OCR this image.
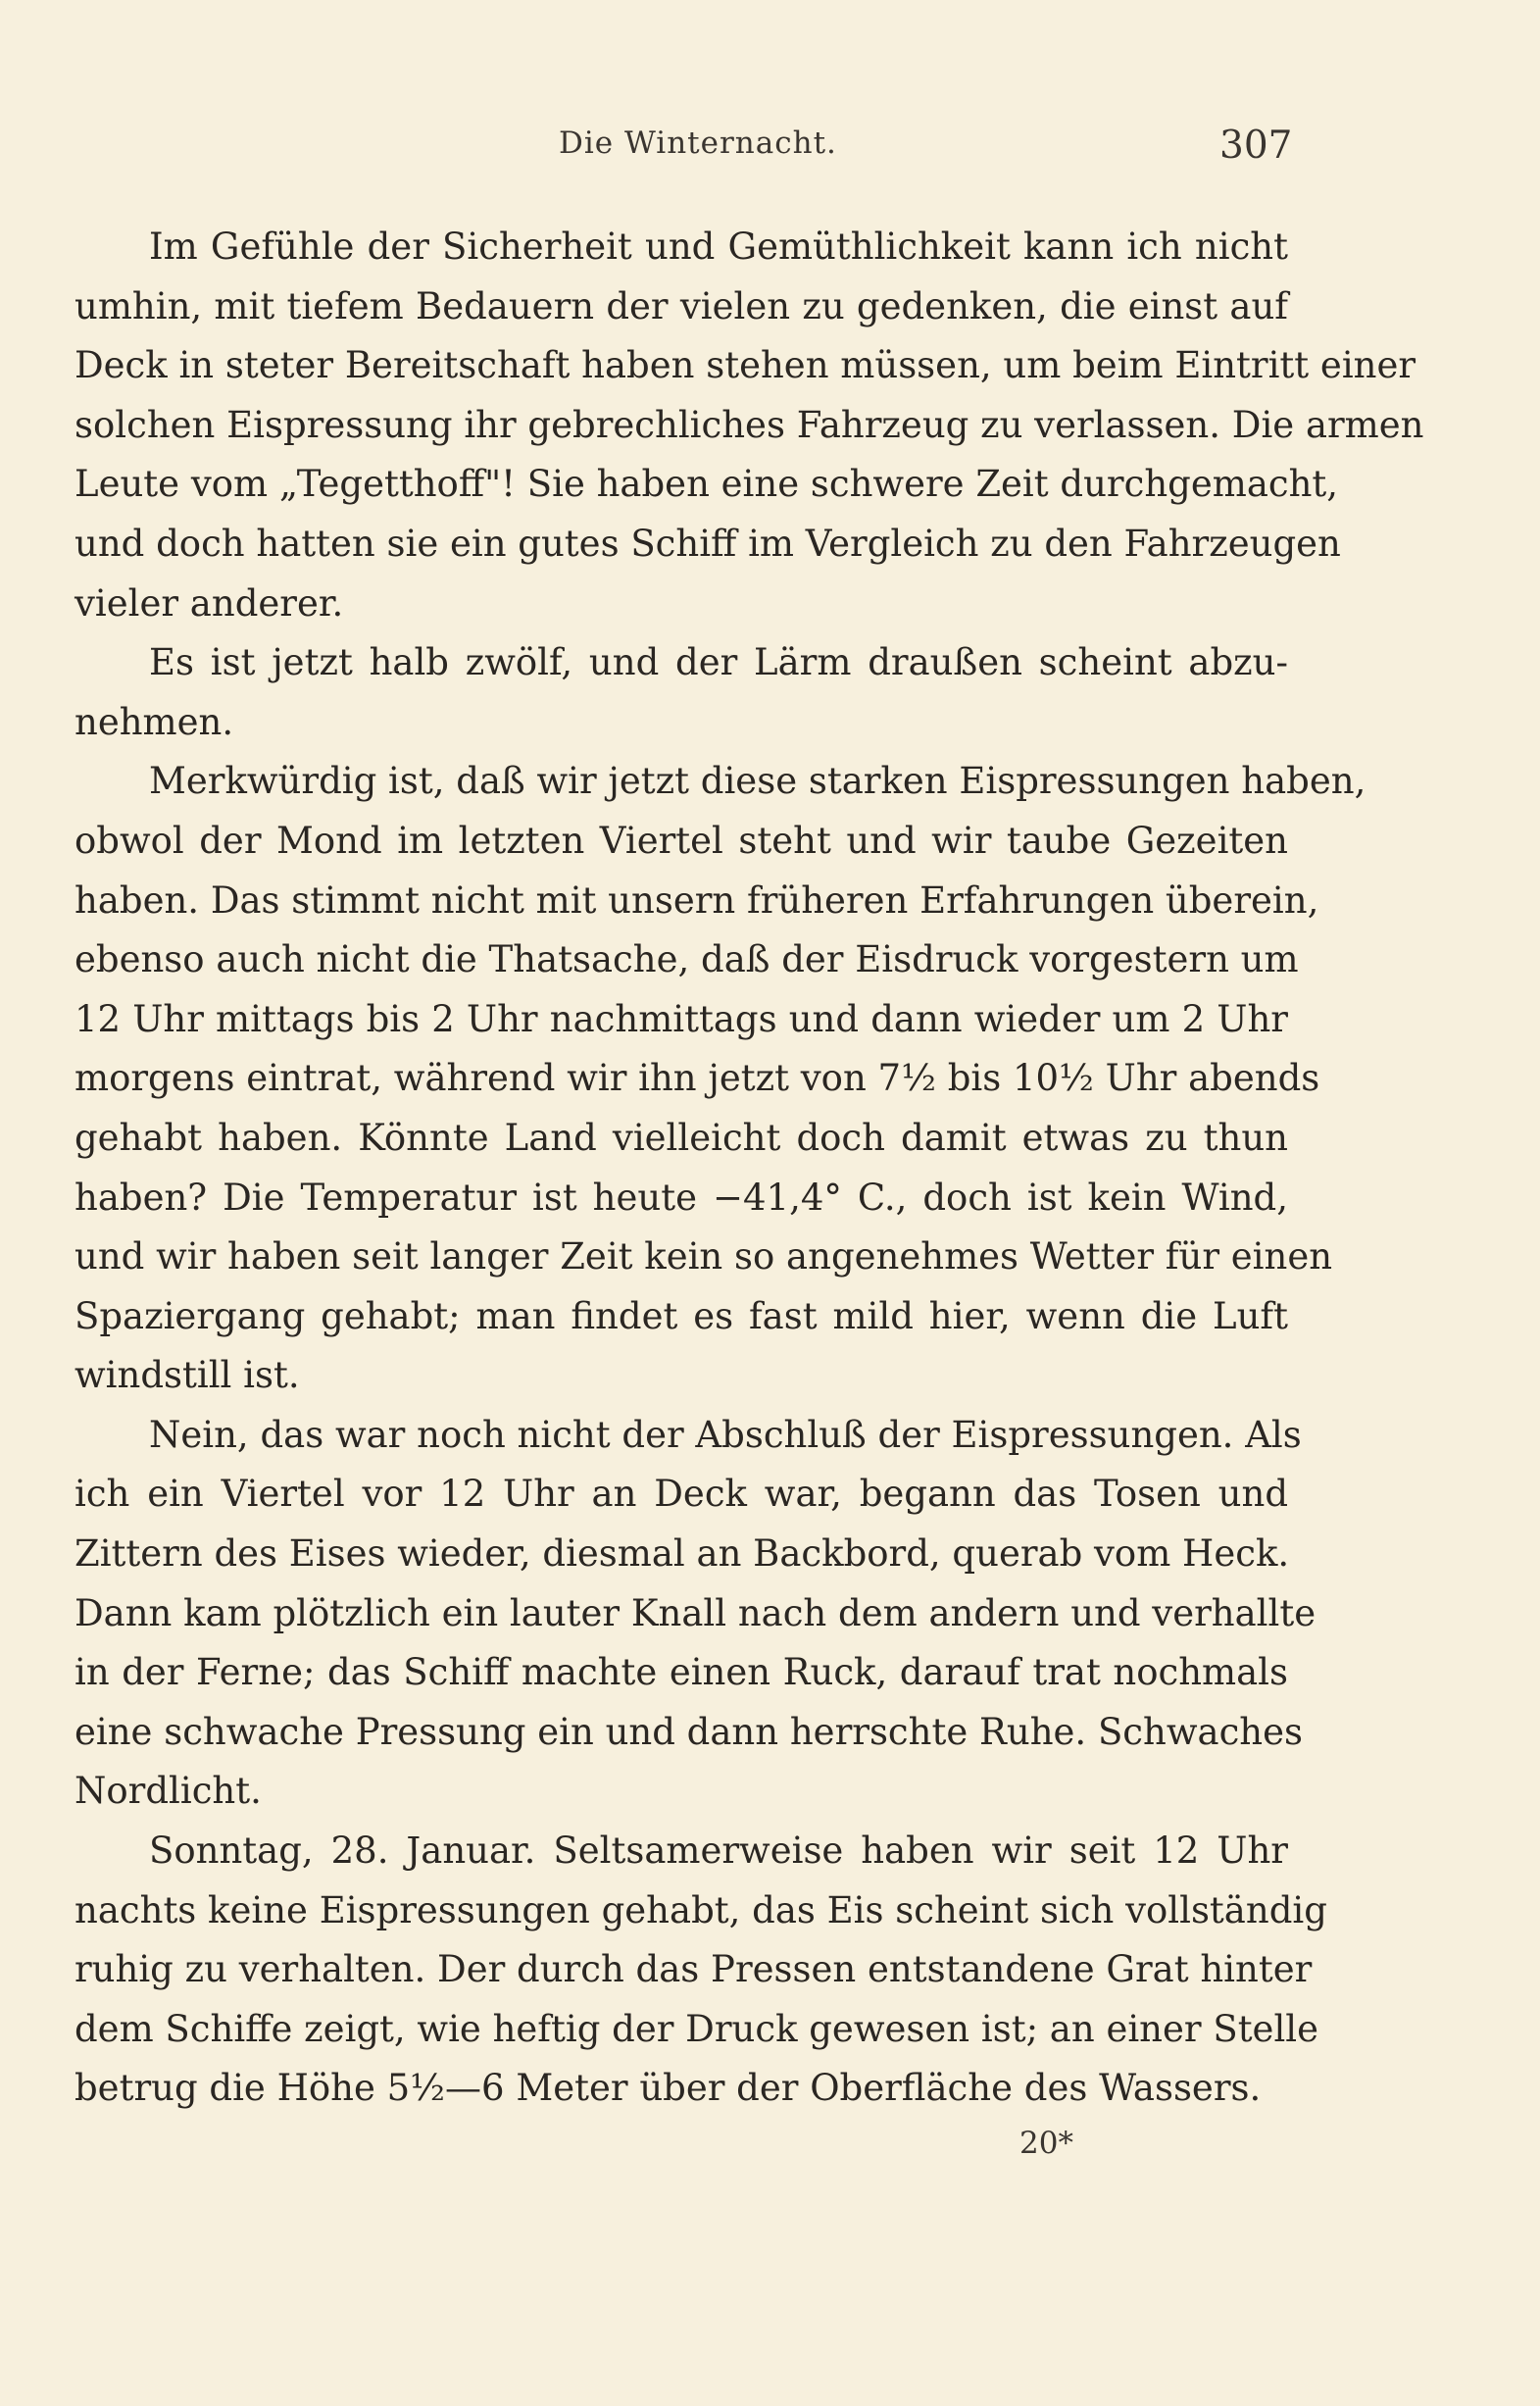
Die Winternacht.	307
Im Gefühle der Sicherheit und Gemüthlichkeit kann ich nicht
umhin, mit tiefem Bedauern der vielen zu gedenken, die einst auf
Deck in steter Bereitschaft haben stehen müssen, um beim Eintritt einer
solchen Eispressung ihr gebrechliches Fahrzeug zu verlassen. Die armen
Leute vom „Tegetthoff"! Sie haben eine schwere Zeit durchgemacht,
und doch hatten sie ein gutes Schiff im Vergleich zu den Fahrzeugen
vieler anderer.
Es ist jetzt halb zwölf, und der Lärm draußen scheint abzu-
nehmen.
Merkwürdig ist, daß wir jetzt diese starken Eispressungen haben,
obwol der Mond im letzten Viertel steht und wir taube Gezeiten
haben. Das stimmt nicht mit unsern früheren Erfahrungen überein,
ebenso auch nicht die Thatsache, daß der Eisdruck vorgestern um
12 Uhr mittags bis 2 Uhr nachmittags und dann wieder um 2 Uhr
morgens eintrat, während wir ihn jetzt von 7½ bis 10½ Uhr abends
gehabt haben. Könnte Land vielleicht doch damit etwas zu thun
haben? Die Temperatur ist heute −41,4° C., doch ist kein Wind,
und wir haben seit langer Zeit kein so angenehmes Wetter für einen
Spaziergang gehabt; man findet es fast mild hier, wenn die Luft
windstill ist.
Nein, das war noch nicht der Abschluß der Eispressungen. Als
ich ein Viertel vor 12 Uhr an Deck war, begann das Tosen und
Zittern des Eises wieder, diesmal an Backbord, querab vom Heck.
Dann kam plötzlich ein lauter Knall nach dem andern und verhallte
in der Ferne; das Schiff machte einen Ruck, darauf trat nochmals
eine schwache Pressung ein und dann herrschte Ruhe. Schwaches
Nordlicht.
Sonntag, 28. Januar. Seltsamerweise haben wir seit 12 Uhr
nachts keine Eispressungen gehabt, das Eis scheint sich vollständig
ruhig zu verhalten. Der durch das Pressen entstandene Grat hinter
dem Schiffe zeigt, wie heftig der Druck gewesen ist; an einer Stelle
betrug die Höhe 5½—6 Meter über der Oberfläche des Wassers.
20*
